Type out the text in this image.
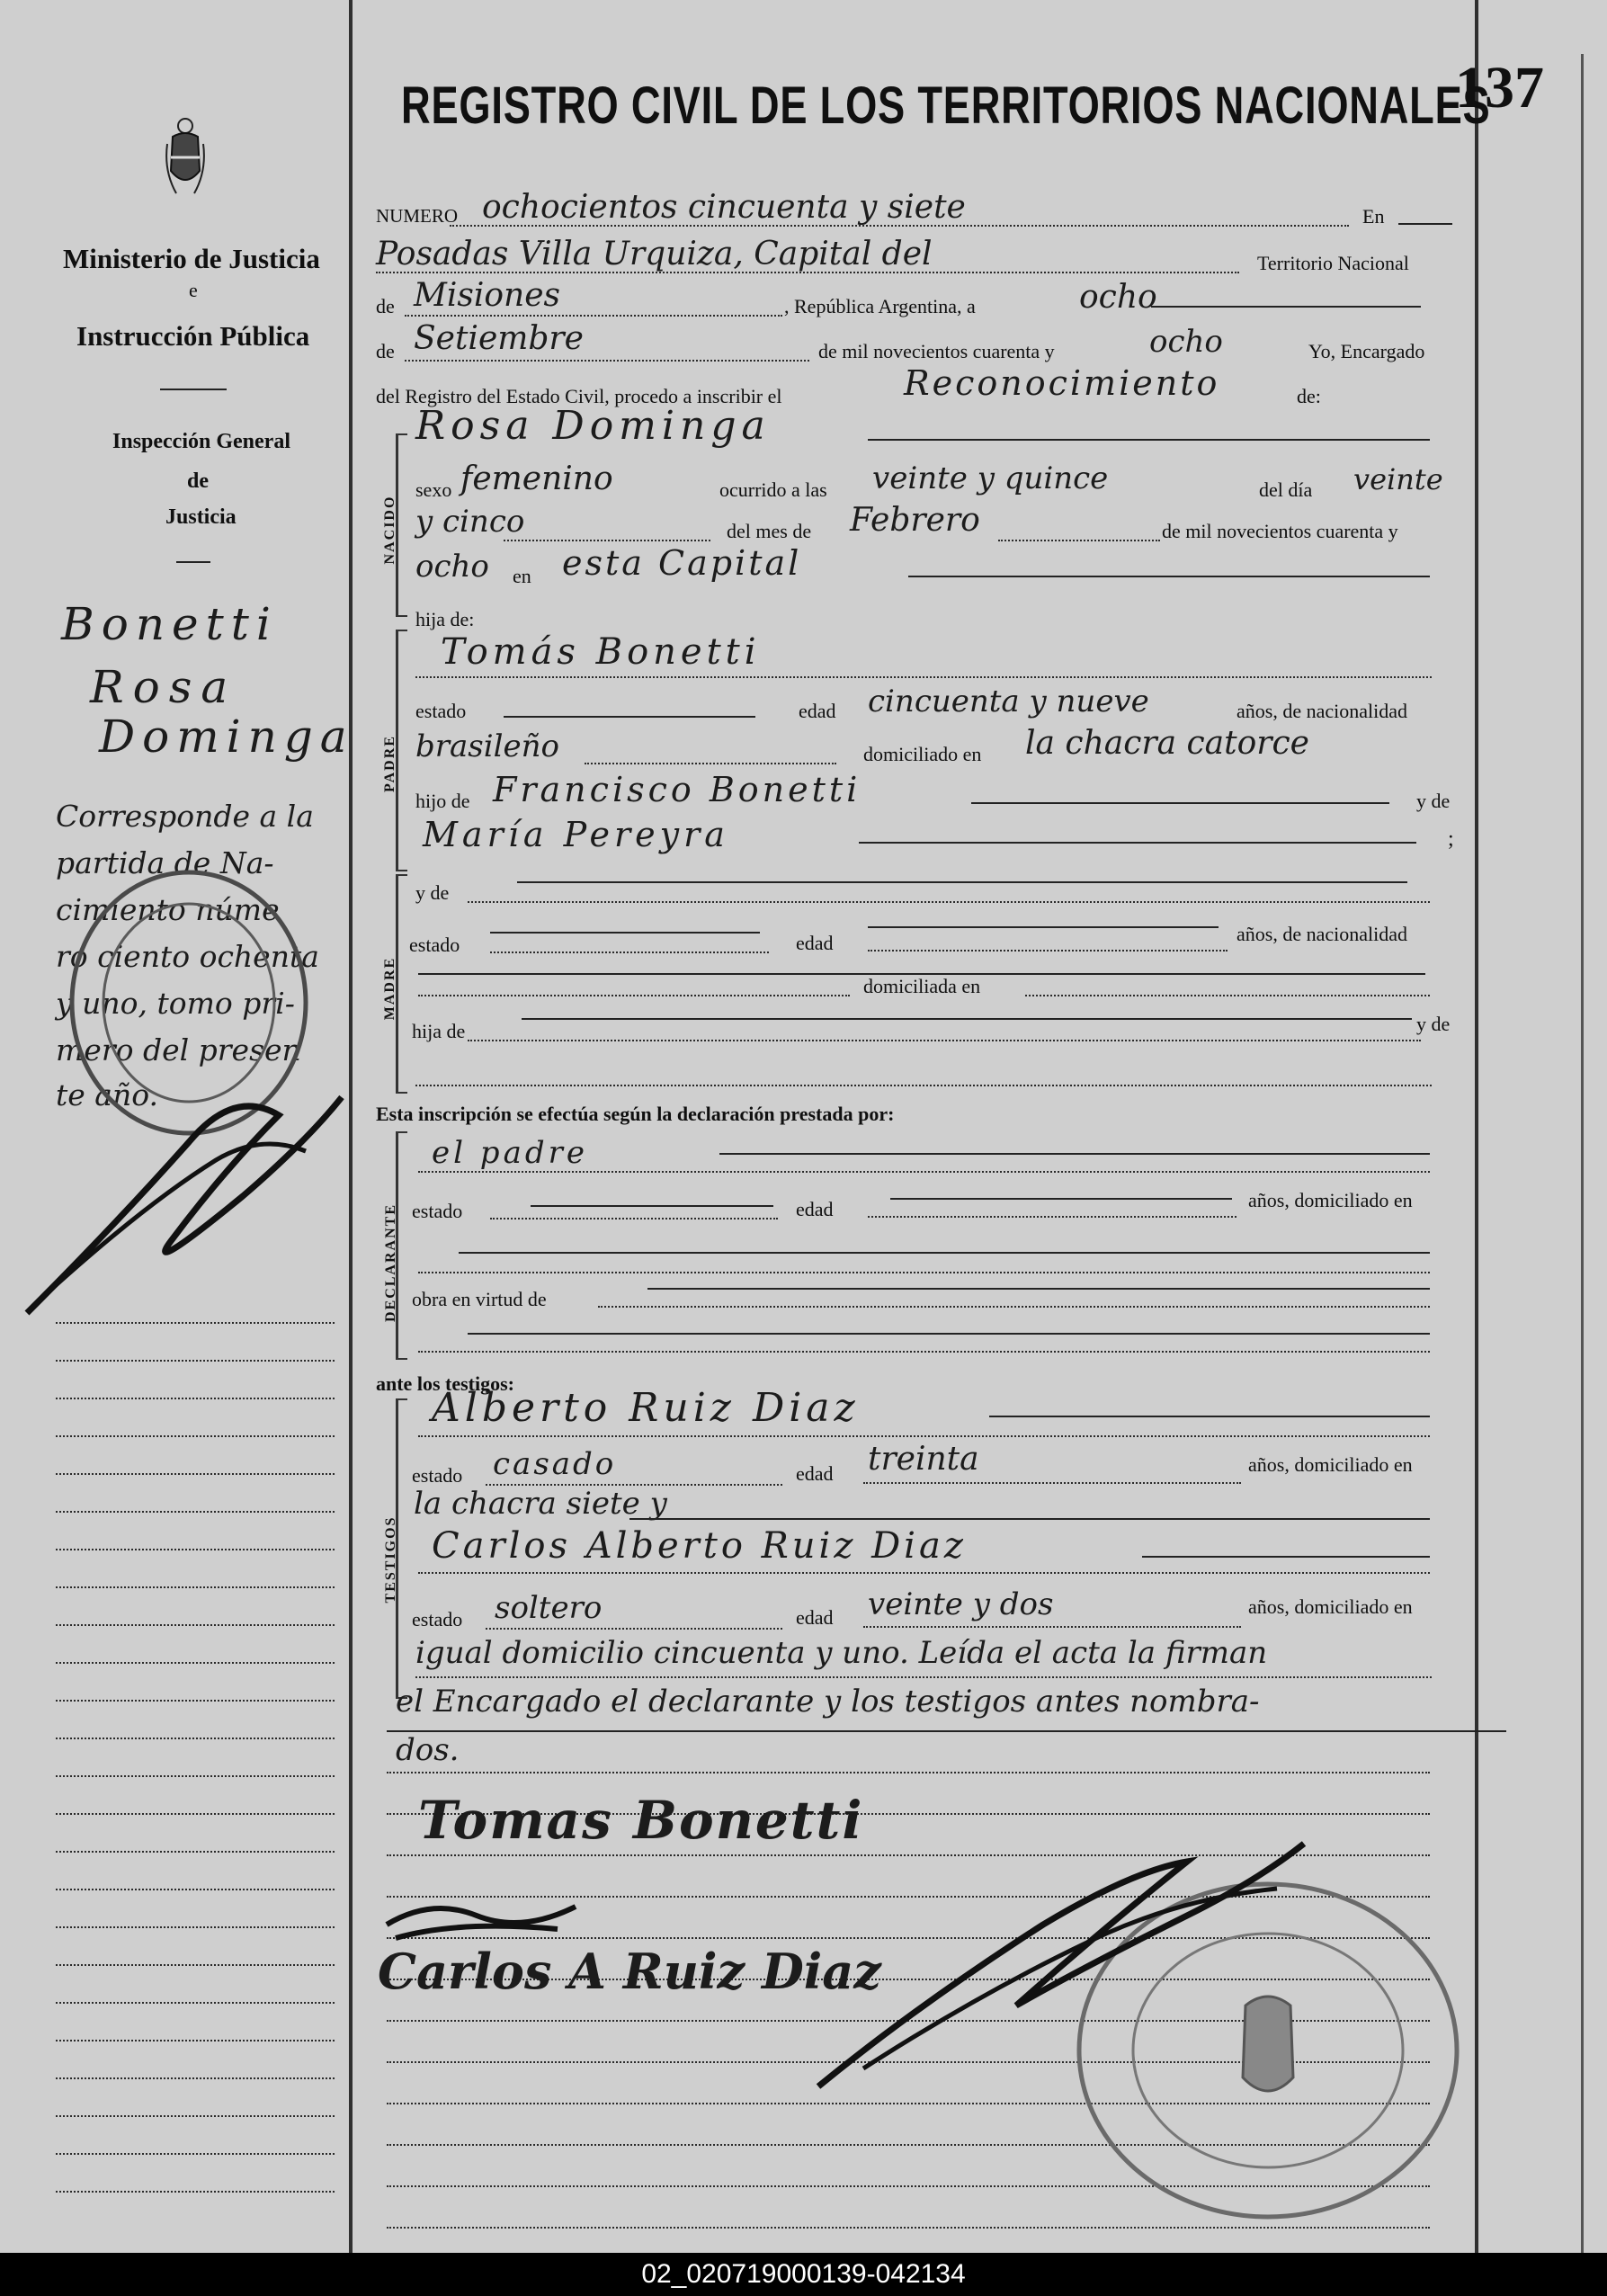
REGISTRO CIVIL DE LOS TERRITORIOS NACIONALES
137
Ministerio de Justicia
e
Instrucción Pública
Inspección General
de
Justicia
Bonetti
Rosa
Dominga
Corresponde a la
partida de Na-
cimiento núme
ro ciento ochenta
y uno, tomo pri-
mero del presen
te año.
NUMERO ochocientos cincuenta y siete	En
Posadas Villa Urquiza, Capital del	Territorio Nacional
de Misiones	, República Argentina, a	ocho
de Setiembre	de mil novecientos cuarenta y	ocho	Yo, Encargado
del Registro del Estado Civil, procedo a inscribir el	Reconocimiento	de:
NACIDO
Rosa Dominga
sexo femenino	ocurrido a las veinte y quince	del día veinte
y cinco	del mes de Febrero	de mil novecientos cuarenta y
ocho en esta Capital
hija de:
PADRE
Tomás Bonetti
estado	edad cincuenta y nueve	años, de nacionalidad
brasileño	domiciliado en la chacra catorce
hijo de Francisco Bonetti	y de
María Pereyra	;
MADRE
y de
estado	edad	años, de nacionalidad
domiciliada en
hija de	y de
Esta inscripción se efectúa según la declaración prestada por:
DECLARANTE
el padre
estado	edad	años, domiciliado en
obra en virtud de
ante los testigos:
TESTIGOS
Alberto Ruiz Diaz
estado casado	edad treinta	años, domiciliado en
la chacra siete y
Carlos Alberto Ruiz Diaz
estado soltero	edad veinte y dos	años, domiciliado en
igual domicilio cincuenta y uno. Leída el acta la firman
el Encargado el declarante y los testigos antes nombra-
dos.
Tomas Bonetti
Carlos A Ruiz Diaz
02_020719000139-042134
